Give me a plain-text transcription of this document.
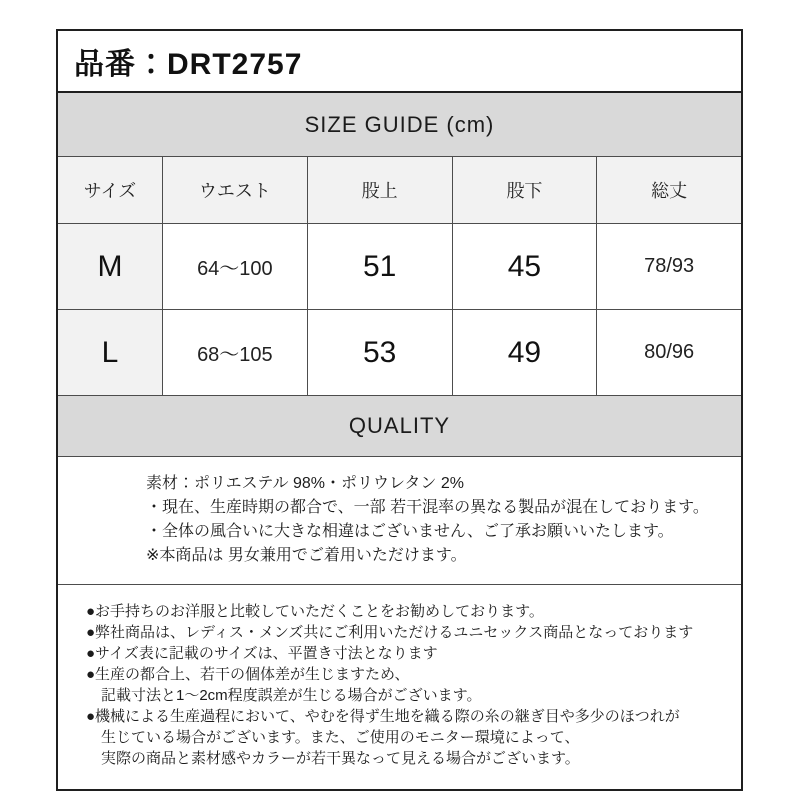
品番：DRT2757
SIZE GUIDE (cm)
サイズ	ウエスト	股上	股下	総丈
M	64～100	51	45	78/93
L	68～105	53	49	80/96
QUALITY
素材：ポリエステル 98%・ポリウレタン 2%
・現在、生産時期の都合で、一部 若干混率の異なる製品が混在しております。
・全体の風合いに大きな相違はございません、ご了承お願いいたします。
※本商品は 男女兼用でご着用いただけます。
●お手持ちのお洋服と比較していただくことをお勧めしております。
●弊社商品は、レディス・メンズ共にご利用いただけるユニセックス商品となっております
●サイズ表に記載のサイズは、平置き寸法となります
●生産の都合上、若干の個体差が生じますため、
記載寸法と1～2cm程度誤差が生じる場合がございます。
●機械による生産過程において、やむを得ず生地を織る際の糸の継ぎ目や多少のほつれが
生じている場合がございます。また、ご使用のモニター環境によって、
実際の商品と素材感やカラーが若干異なって見える場合がございます。
